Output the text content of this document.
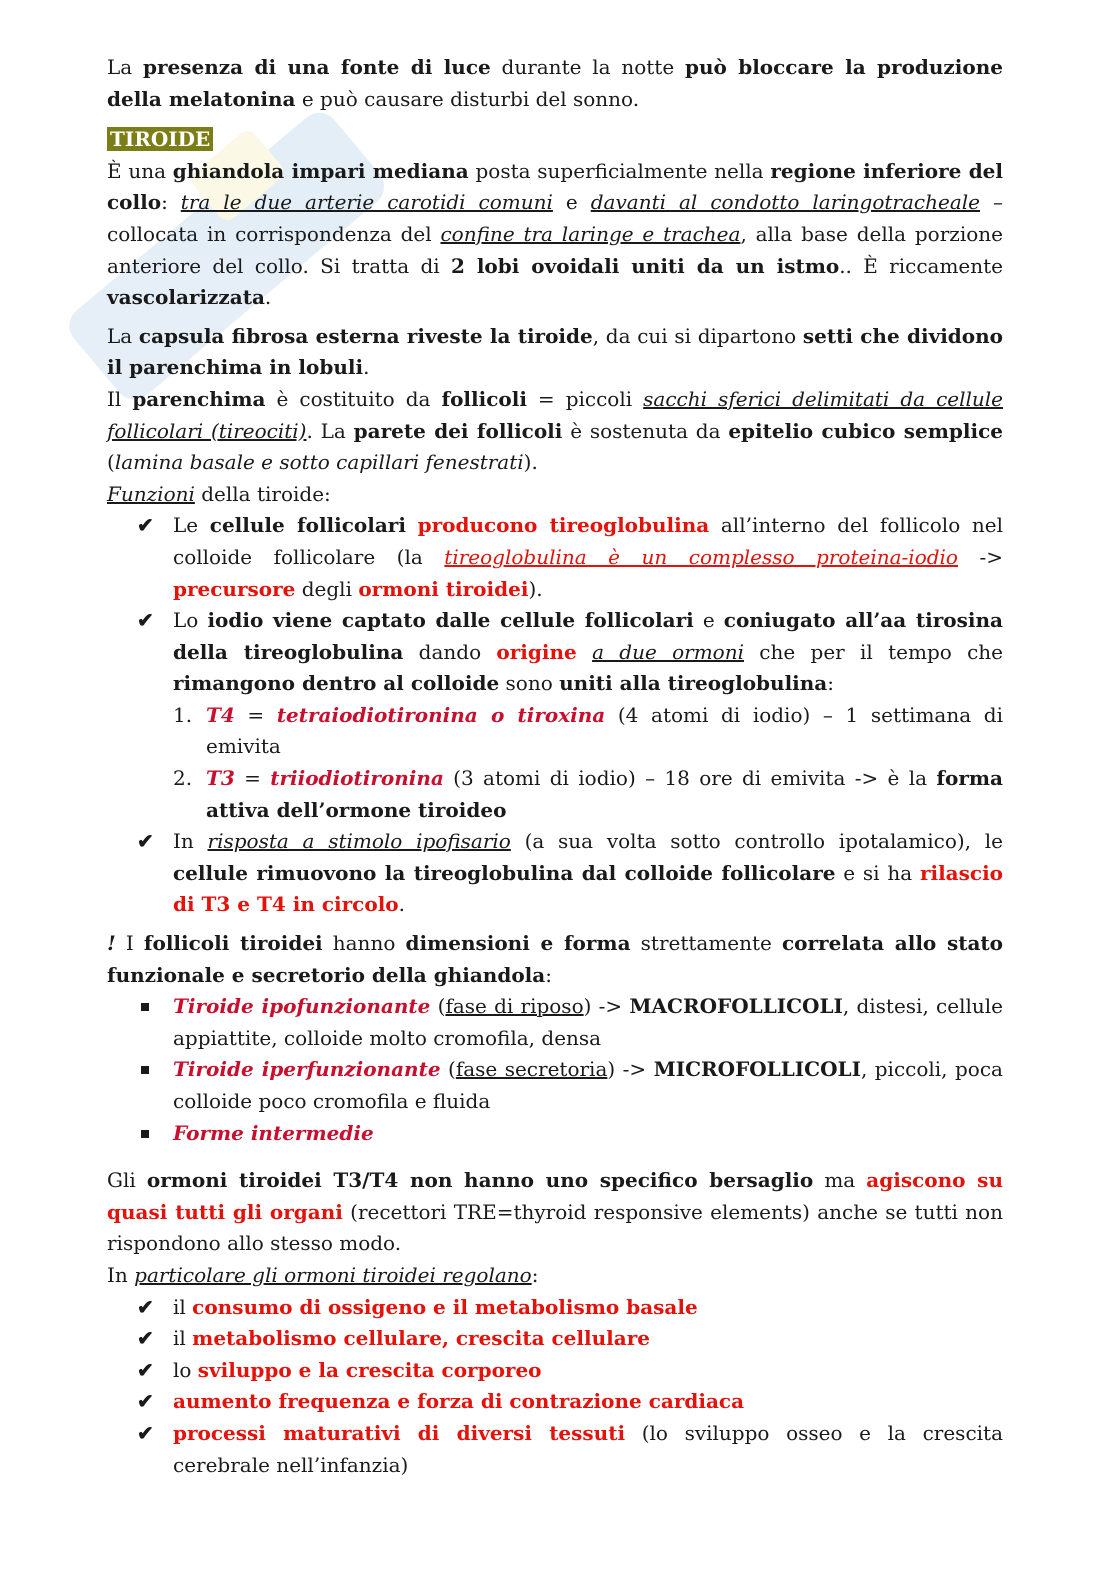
La presenza di una fonte di luce durante la notte può bloccare la produzione della melatonina e può causare disturbi del sonno.

TIROIDE

È una ghiandola impari mediana posta superficialmente nella regione inferiore del collo: tra le due arterie carotidi comuni e davanti al condotto laringotracheale – collocata in corrispondenza del confine tra laringe e trachea, alla base della porzione anteriore del collo. Si tratta di 2 lobi ovoidali uniti da un istmo.. È riccamente vascolarizzata.

La capsula fibrosa esterna riveste la tiroide, da cui si dipartono setti che dividono il parenchima in lobuli.

Il parenchima è costituito da follicoli = piccoli sacchi sferici delimitati da cellule follicolari (tireociti). La parete dei follicoli è sostenuta da epitelio cubico semplice (lamina basale e sotto capillari fenestrati).

Funzioni della tiroide:

✔ Le cellule follicolari producono tireoglobulina all’interno del follicolo nel colloide follicolare (la tireoglobulina è un complesso proteina-iodio -> precursore degli ormoni tiroidei).
✔ Lo iodio viene captato dalle cellule follicolari e coniugato all’aa tirosina della tireoglobulina dando origine a due ormoni che per il tempo che rimangono dentro al colloide sono uniti alla tireoglobulina:
1. T4 = tetraiodiotironina o tiroxina (4 atomi di iodio) – 1 settimana di emivita
2. T3 = triiodiotironina (3 atomi di iodio) – 18 ore di emivita -> è la forma attiva dell’ormone tiroideo
✔ In risposta a stimolo ipofisario (a sua volta sotto controllo ipotalamico), le cellule rimuovono la tireoglobulina dal colloide follicolare e si ha rilascio di T3 e T4 in circolo.

! I follicoli tiroidei hanno dimensioni e forma strettamente correlata allo stato funzionale e secretorio della ghiandola:

Tiroide ipofunzionante (fase di riposo) -> MACROFOLLICOLI, distesi, cellule appiattite, colloide molto cromofila, densa
Tiroide iperfunzionante (fase secretoria) -> MICROFOLLICOLI, piccoli, poca colloide poco cromofila e fluida
Forme intermedie

Gli ormoni tiroidei T3/T4 non hanno uno specifico bersaglio ma agiscono su quasi tutti gli organi (recettori TRE=thyroid responsive elements) anche se tutti non rispondono allo stesso modo.

In particolare gli ormoni tiroidei regolano:

✔ il consumo di ossigeno e il metabolismo basale
✔ il metabolismo cellulare, crescita cellulare
✔ lo sviluppo e la crescita corporeo
✔ aumento frequenza e forza di contrazione cardiaca
✔ processi maturativi di diversi tessuti (lo sviluppo osseo e la crescita cerebrale nell’infanzia)
